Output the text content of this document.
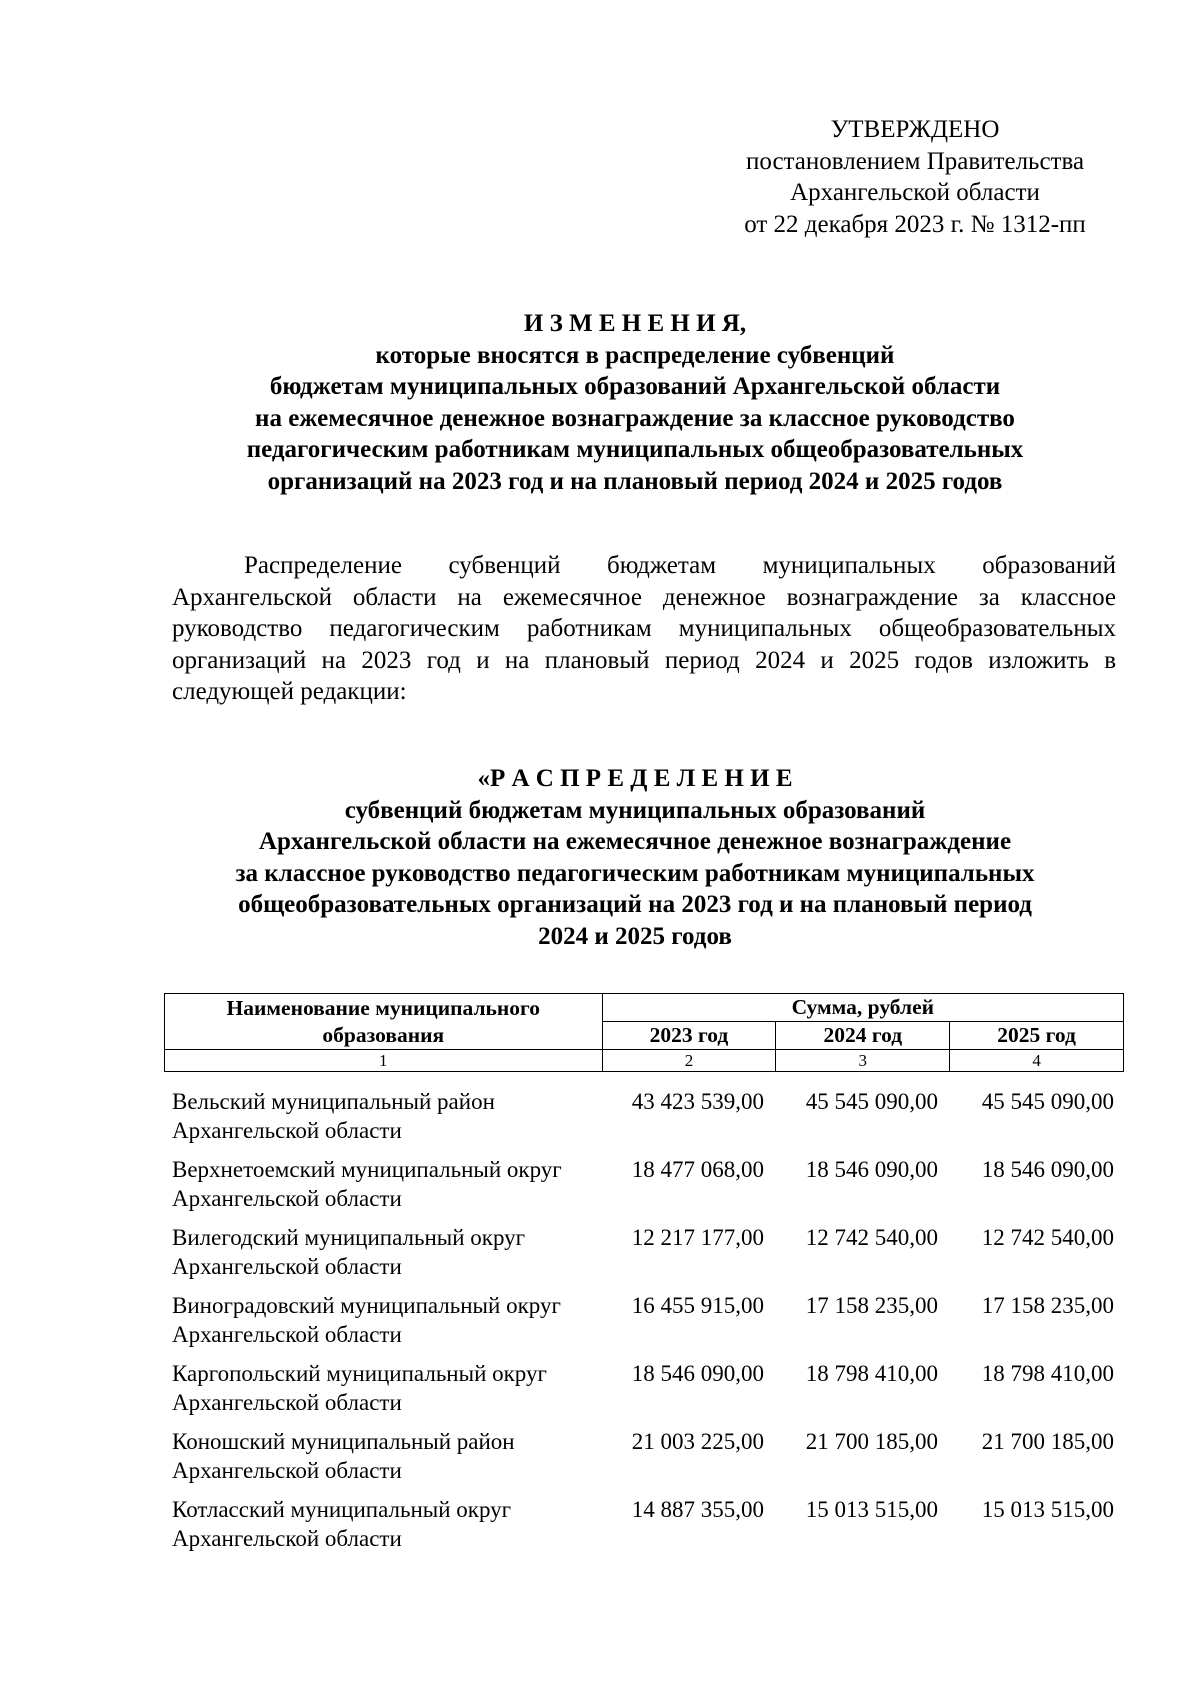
УТВЕРЖДЕНО
постановлением Правительства
Архангельской области
от 22 декабря 2023 г. № 1312-пп
И З М Е Н Е Н И Я,
которые вносятся в распределение субвенций
бюджетам муниципальных образований Архангельской области
на ежемесячное денежное вознаграждение за классное руководство
педагогическим работникам муниципальных общеобразовательных
организаций на 2023 год и на плановый период 2024 и 2025 годов

Распределение субвенций бюджетам муниципальных образований Архангельской области на ежемесячное денежное вознаграждение за классное руководство педагогическим работникам муниципальных общеобразовательных организаций на 2023 год и на плановый период 2024 и 2025 годов изложить в следующей редакции:

«Р А С П Р Е Д Е Л Е Н И Е
субвенций бюджетам муниципальных образований
Архангельской области на ежемесячное денежное вознаграждение
за классное руководство педагогическим работникам муниципальных
общеобразовательных организаций на 2023 год и на плановый период
2024 и 2025 годов
Наименование муниципального
образования	Сумма, рублей		
	2023 год	2024 год	2025 год
1	2	3	4
Вельский муниципальный район
Архангельской области
43 423 539,00	45 545 090,00	45 545 090,00
Верхнетоемский муниципальный округ
Архангельской области
18 477 068,00	18 546 090,00	18 546 090,00
Вилегодский муниципальный округ
Архангельской области
12 217 177,00	12 742 540,00	12 742 540,00
Виноградовский муниципальный округ
Архангельской области
16 455 915,00	17 158 235,00	17 158 235,00
Каргопольский муниципальный округ
Архангельской области
18 546 090,00	18 798 410,00	18 798 410,00
Коношский муниципальный район
Архангельской области
21 003 225,00	21 700 185,00	21 700 185,00
Котласский муниципальный округ
Архангельской области
14 887 355,00	15 013 515,00	15 013 515,00
